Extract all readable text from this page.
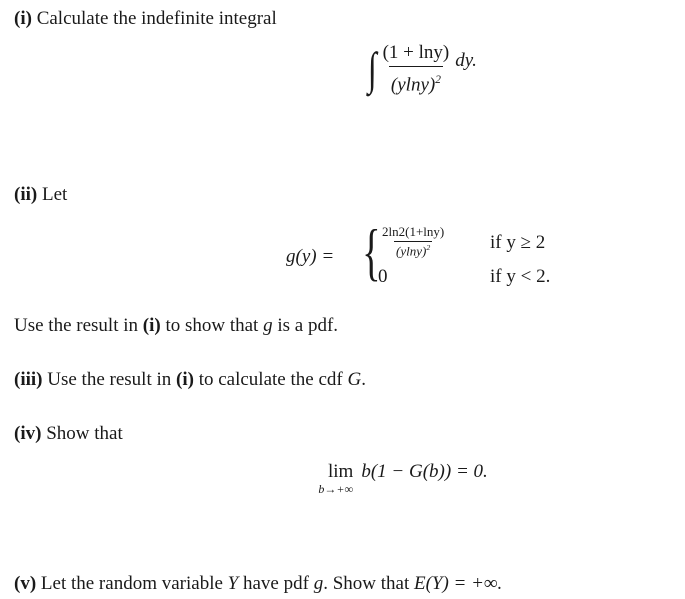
(i) Calculate the indefinite integral
∫ $\frac{(1 + \ln y)}{(ylny)^2}$ dy.
(ii) Let
g(y) = { $\frac{2\ln 2(1+\ln y)}{(ylny)^2}$ if y ≥ 2
0	if y < 2.
Use the result in (i) to show that g is a pdf.
(iii) Use the result in (i) to calculate the cdf G.
(iv) Show that
lim
b→+∞
b(1 − G(b)) = 0.
(v) Let the random variable Y have pdf g. Show that E(Y) = +∞.
